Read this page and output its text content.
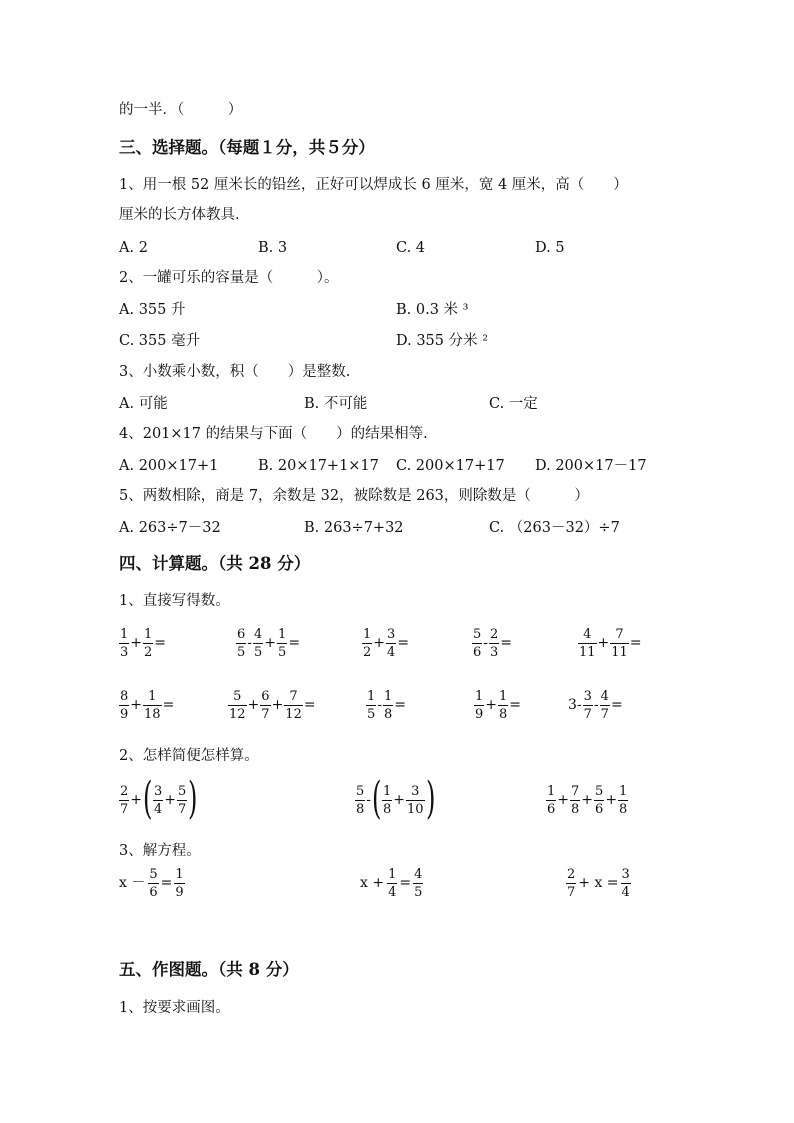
的一半．（　　　）
三、选择题。（每题１分，共５分）
1、用一根 52 厘米长的铅丝，正好可以焊成长 6 厘米，宽 4 厘米，高（　　）
厘米的长方体教具.
A. 2	B. 3	C. 4	D. 5
2、一罐可乐的容量是（　　　）。
A. 355 升	B. 0.3 米 ³
C. 355 毫升	D. 355 分米 ²
3、小数乘小数，积（　　）是整数.
A. 可能	B. 不可能	C. 一定
4、201×17 的结果与下面（　　）的结果相等.
A. 200×17+1	B. 20×17+1×17 C. 200×17+17 D. 200×17－17
5、两数相除，商是 7，余数是 32，被除数是 263，则除数是（　　　）
A. 263÷7－32	B. 263÷7+32	C. （263－32）÷7
四、计算题。（共 28 分）
1、直接写得数。
1
3
+
1
2
=
6
5
-
4
5
+
1
5
=
1
2
+
3
4
=
5
6
-
2
3
=
4
11
+
7
11
=
8
9
+
1
18
=
5
12
+
6
7
+
7
12
=
1
5
-
1
8
=
1
9
+
1
8
=	3-
3
7
-
4
7
=
2
7
+ ( 3
4
+
5
7 )	5
8
- ( 1
8
+
3
10 )	1
6
+
7
8
+
5
6
+
1
8
x －
5
6
=
1
9
x +
1
4
=
4
5
2
7
+ x =
3
4
2、怎样简便怎样算。
3、解方程。
五、作图题。（共 8 分）
1、按要求画图。
